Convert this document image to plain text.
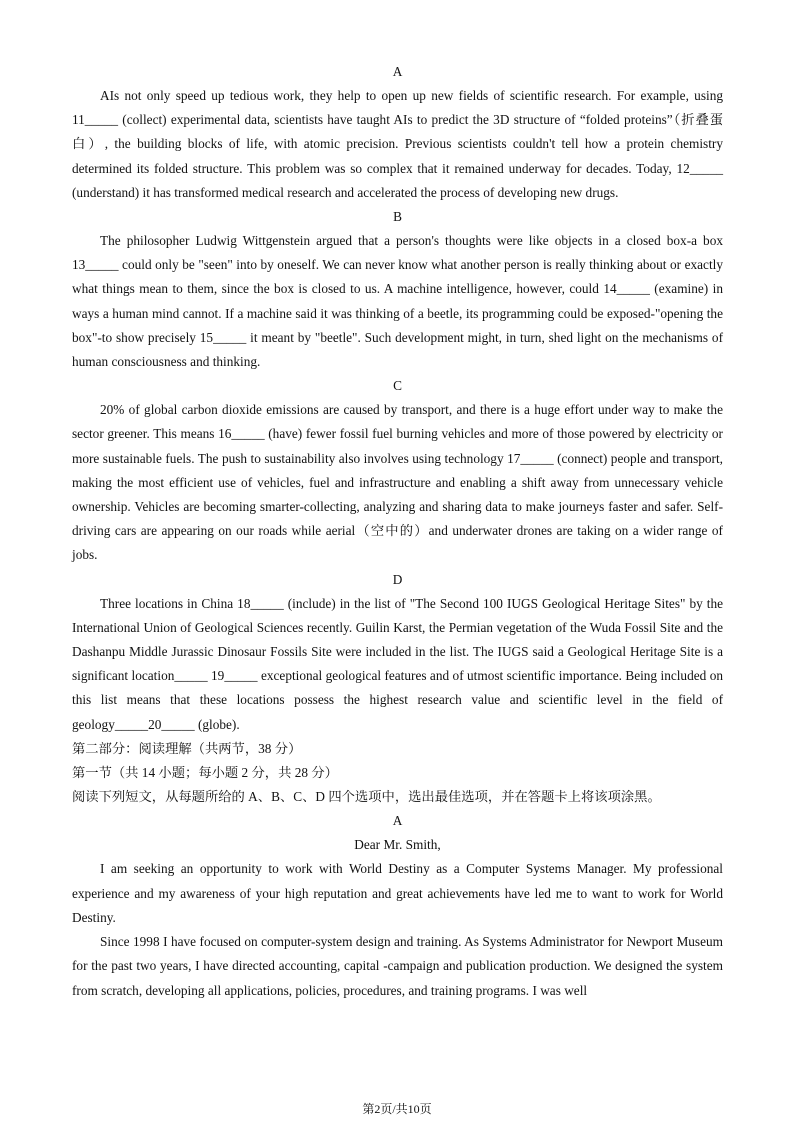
A

AIs not only speed up tedious work, they help to open up new fields of scientific research. For example, using 11_____ (collect) experimental data, scientists have taught AIs to predict the 3D structure of “folded proteins”（折叠蛋白）, the building blocks of life, with atomic precision. Previous scientists couldn't tell how a protein chemistry determined its folded structure. This problem was so complex that it remained underway for decades. Today, 12_____ (understand) it has transformed medical research and accelerated the process of developing new drugs.

B

The philosopher Ludwig Wittgenstein argued that a person's thoughts were like objects in a closed box-a box 13_____ could only be "seen" into by oneself. We can never know what another person is really thinking about or exactly what things mean to them, since the box is closed to us. A machine intelligence, however, could 14_____ (examine) in ways a human mind cannot. If a machine said it was thinking of a beetle, its programming could be exposed-"opening the box"-to show precisely 15_____ it meant by "beetle". Such development might, in turn, shed light on the mechanisms of human consciousness and thinking.

C

20% of global carbon dioxide emissions are caused by transport, and there is a huge effort under way to make the sector greener. This means 16_____ (have) fewer fossil fuel burning vehicles and more of those powered by electricity or more sustainable fuels. The push to sustainability also involves using technology 17_____ (connect) people and transport, making the most efficient use of vehicles, fuel and infrastructure and enabling a shift away from unnecessary vehicle ownership. Vehicles are becoming smarter-collecting, analyzing and sharing data to make journeys faster and safer. Self-driving cars are appearing on our roads while aerial（空中的）and underwater drones are taking on a wider range of jobs.

D

Three locations in China 18_____ (include) in the list of "The Second 100 IUGS Geological Heritage Sites" by the International Union of Geological Sciences recently. Guilin Karst, the Permian vegetation of the Wuda Fossil Site and the Dashanpu Middle Jurassic Dinosaur Fossils Site were included in the list. The IUGS said a Geological Heritage Site is a significant location_____ 19_____ exceptional geological features and of utmost scientific importance. Being included on this list means that these locations possess the highest research value and scientific level in the field of geology_____20_____ (globe).

第二部分：阅读理解（共两节，38 分）

第一节（共 14 小题；每小题 2 分，共 28 分）

阅读下列短文，从每题所给的 A、B、C、D 四个选项中，选出最佳选项，并在答题卡上将该项涂黑。

A

Dear Mr. Smith,

I am seeking an opportunity to work with World Destiny as a Computer Systems Manager. My professional experience and my awareness of your high reputation and great achievements have led me to want to work for World Destiny.

Since 1998 I have focused on computer-system design and training. As Systems Administrator for Newport Museum for the past two years, I have directed accounting, capital -campaign and publication production. We designed the system from scratch, developing all applications, policies, procedures, and training programs. I was well

第2页/共10页
